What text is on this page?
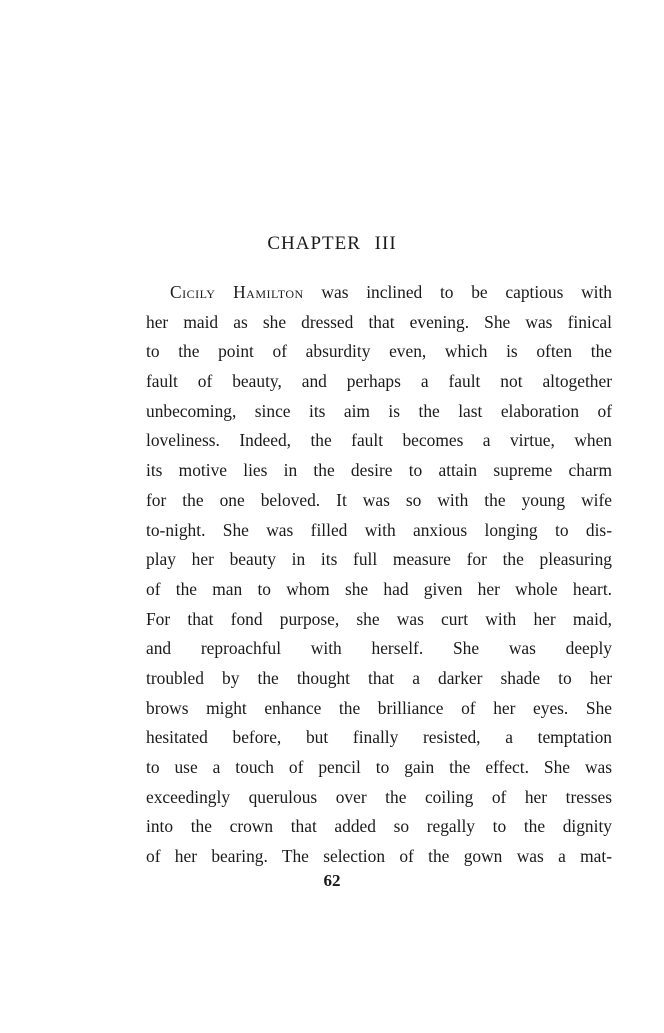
CHAPTER III
Cicily Hamilton was inclined to be captious with
her maid as she dressed that evening. She was finical
to the point of absurdity even, which is often the
fault of beauty, and perhaps a fault not altogether
unbecoming, since its aim is the last elaboration of
loveliness. Indeed, the fault becomes a virtue, when
its motive lies in the desire to attain supreme charm
for the one beloved. It was so with the young wife
to-night. She was filled with anxious longing to dis-
play her beauty in its full measure for the pleasuring
of the man to whom she had given her whole heart.
For that fond purpose, she was curt with her maid,
and reproachful with herself. She was deeply
troubled by the thought that a darker shade to her
brows might enhance the brilliance of her eyes. She
hesitated before, but finally resisted, a temptation
to use a touch of pencil to gain the effect. She was
exceedingly querulous over the coiling of her tresses
into the crown that added so regally to the dignity
of her bearing. The selection of the gown was a mat-
62
